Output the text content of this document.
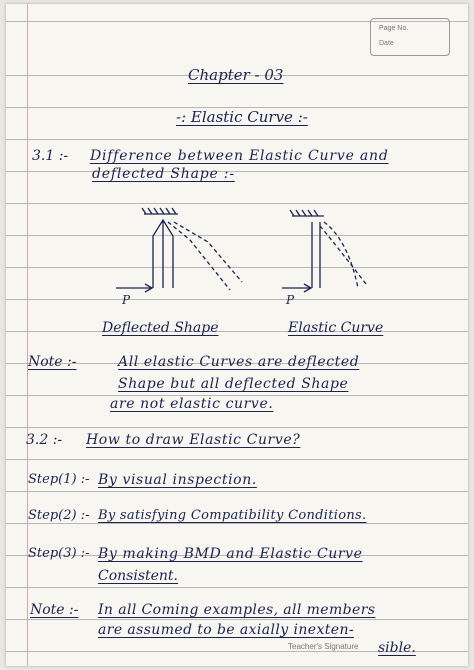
Page No.
Date
Chapter - 03
-: Elastic Curve :-
3.1 :- Difference between Elastic Curve and
deflected Shape :-
P	P
Deflected Shape	Elastic Curve
Note :-	All elastic Curves are deflected
Shape but all deflected Shape
are not elastic curve.
3.2 :- How to draw Elastic Curve?
Step(1) :- By visual inspection.
Step(2) :- By satisfying Compatibility Conditions.
Step(3) :- By making BMD and Elastic Curve
Consistent.
Note :- In all Coming examples, all members
are assumed to be axially inexten-
sible.
Teacher's Signature
